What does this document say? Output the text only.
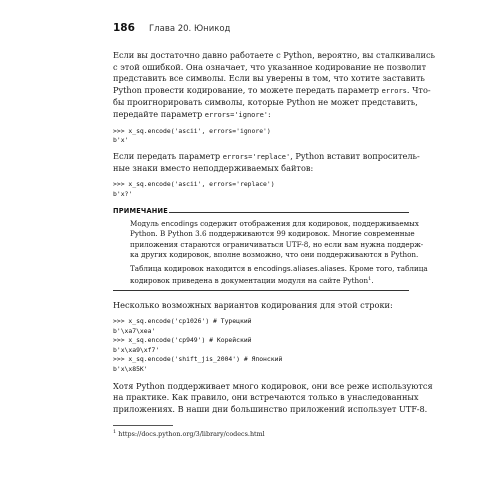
186 Глава 20. Юникод

Если вы достаточно давно работаете с Python, вероятно, вы сталкивались
с этой ошибкой. Она означает, что указанное кодирование не позволит
представить все символы. Если вы уверены в том, что хотите заставить
Python провести кодирование, то можете передать параметр errors. Что-
бы проигнорировать символы, которые Python не может представить,
передайте параметр errors='ignore':

>>> x_sq.encode('ascii', errors='ignore')
b'x'

Если передать параметр errors='replace', Python вставит вопроситель-
ные знаки вместо неподдерживаемых байтов:

>>> x_sq.encode('ascii', errors='replace')
b'x?'
ПРИМЕЧАНИЕ

Модуль encodings содержит отображения для кодировок, поддерживаемых
Python. В Python 3.6 поддерживаются 99 кодировок. Многие современные
приложения стараются ограничиваться UTF-8, но если вам нужна поддерж-
ка других кодировок, вполне возможно, что они поддерживаются в Python.

Таблица кодировок находится в encodings.aliases.aliases. Кроме того, таблица
кодировок приведена в документации модуля на сайте Python$^1$.

Несколько возможных вариантов кодирования для этой строки:

>>> x_sq.encode('cp1026') # Турецкий
b'\xa7\xea'
>>> x_sq.encode('cp949') # Корейский
b'x\xa9\xf7'
>>> x_sq.encode('shift_jis_2004') # Японский
b'x\x85K'

Хотя Python поддерживает много кодировок, они все реже используются
на практике. Как правило, они встречаются только в унаследованных
приложениях. В наши дни большинство приложений использует UTF-8.

$^1$ https://docs.python.org/3/library/codecs.html
